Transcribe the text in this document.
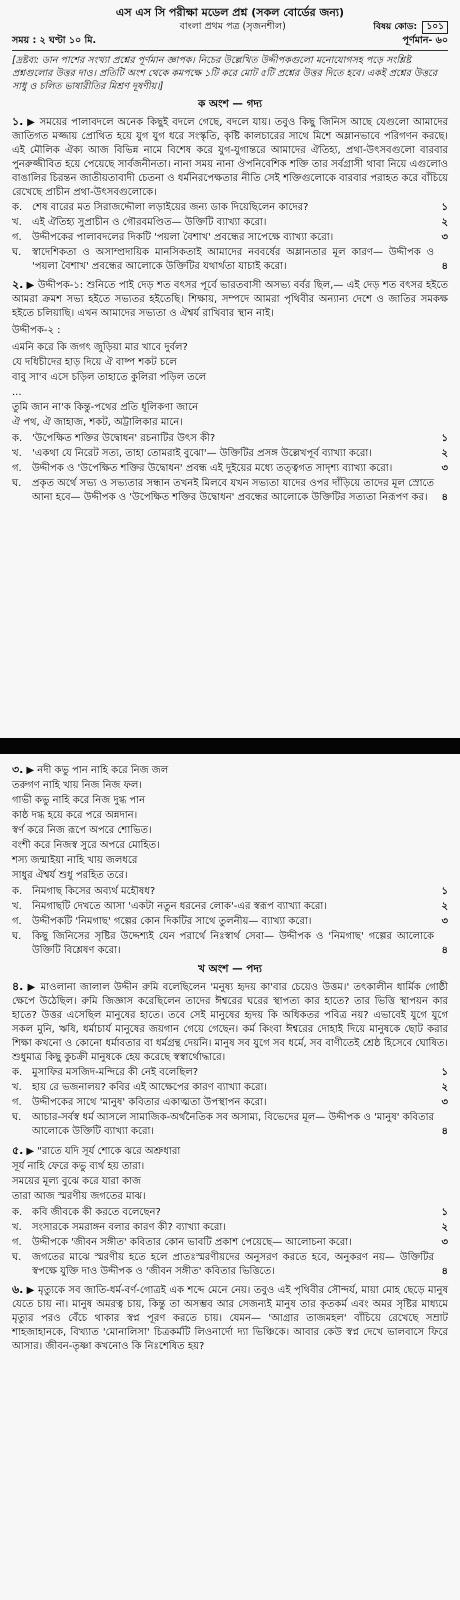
এস এস সি পরীক্ষা মডেল প্রশ্ন (সকল বোর্ডের জন্য)
বাংলা প্রথম পত্র (সৃজনশীল)	বিষয় কোড: ১০১
সময় : ২ ঘণ্টা ১০ মি.	পূর্ণমান- ৬০
[দ্রষ্টব্য: ডান পাশের সংখ্যা প্রশ্নের পূর্ণমান জ্ঞাপক। নিচের উল্লেখিত উদ্দীপকগুলো মনোযোগসহ পড়ে সংশ্লিষ্ট প্রশ্নগুলোর উত্তর দাও। প্রতিটি অংশ থেকে কমপক্ষে ১টি করে মোট ৫টি প্রশ্নের উত্তর দিতে হবে। একই প্রশ্নের উত্তরে সাধু ও চলিত ভাষারীতির মিশ্রণ দূষণীয়।]
ক অংশ — গদ্য

১. ▶ সময়ের পালাবদলে অনেক কিছুই বদলে গেছে, বদলে যায়। তবুও কিছু জিনিস আছে যেগুলো আমাদের জাতিগত মজ্জায় প্রোথিত হয়ে যুগ যুগ ধরে সংস্কৃতি, কৃষ্টি কালচারের সাথে মিশে অম্লানভাবে পরিগণন করছে। এই মৌলিক ঐক্য আজ বিভিন্ন নামে বিশেষ করে যুগ-যুগান্তরে আমাদের ঐতিহ্য, প্রথা-উৎসবগুলো বারবার পুনরুজ্জীবিত হয়ে পেয়েছে সার্বজনীনতা। নানা সময় নানা ঔপনিবেশিক শক্তি তার সর্বগ্রাসী থাবা নিয়ে এগুলোও বাঙালির চিরন্তন জাতীয়তাবাদী চেতনা ও ধর্মনিরপেক্ষতার নীতি সেই শক্তিগুলোকে বারবার পরাহত করে বাঁচিয়ে রেখেছে প্রাচীন প্রথা-উৎসবগুলোকে।

ক. শেষ বারের মত সিরাজদ্দৌলা লড়াইয়ের জন্য ডাক দিয়েছিলেন কাদের?	১
খ.	এই ঐতিহ্য সুপ্রাচীন ও গৌরবমণ্ডিত— উক্তিটি ব্যাখ্যা করো।	২
গ.	উদ্দীপকের পালাবদলের দিকটি 'পয়লা বৈশাখ' প্রবন্ধের সাপেক্ষে ব্যাখ্যা করো।	৩
ঘ.	স্বাদেশিকতা ও অসাম্প্রদায়িক মানসিকতাই আমাদের নববর্ষের অম্লানতার মূল কারণ— উদ্দীপক ও 'পয়লা বৈশাখ' প্রবন্ধের আলোকে উক্তিটির যথার্থতা যাচাই করো।	৪

২. ▶ উদ্দীপক-১: শুনিতে পাই দেড় শত বৎসর পূর্বে ভারতবাসী অসভ্য বর্বর ছিল,— এই দেড় শত বৎসর হইতে আমরা ক্রমশ সভ্য হইতে সভ্যতর হইতেছি। শিক্ষায়, সম্পদে আমরা পৃথিবীর অন্যান্য দেশে ও জাতির সমকক্ষ হইতে চলিয়াছি। এখন আমাদের সভ্যতা ও ঐশ্বর্য রাখিবার স্থান নাই।

উদ্দীপক-২ :
এমনি করে কি জগৎ জুড়িয়া মার খাবে দুর্বল?
যে দধিচীদের হাড় দিয়ে ঐ বাষ্প শকট চলে
বাবু সা'ব এসে চড়িল তাহাতে কুলিরা পড়িল তলে
...
তুমি জান না'ক কিন্তু-পথের প্রতি ধূলিকণা জানে
ঐ পথ, ঐ জাহাজ, শকট, অট্টালিকার মানে।
ক. 'উপেক্ষিত শক্তির উদ্বোধন' রচনাটির উৎস কী?	১
খ.	'একথা যে নিরেট সত্য, তাহা তোমরাই বুঝো'— উক্তিটির প্রসঙ্গ উল্লেখপূর্ব ব্যাখ্যা করো।	২
গ.	উদ্দীপক ও 'উপেক্ষিত শক্তির উদ্বোধন' প্রবন্ধ এই দুইয়ের মধ্যে তত্ত্বগত সাদৃশ্য ব্যাখ্যা করো।	৩
ঘ.	প্রকৃত অর্থে সভ্য ও সভ্যতার সন্ধান তখনই মিলবে যখন সভ্যতা যাদের ওপর দাঁড়িয়ে তাদের মূল স্রোতে আনা হবে— উদ্দীপক ও 'উপেক্ষিত শক্তির উদ্বোধন' প্রবন্ধের আলোকে উক্তিটির সত্যতা নিরূপণ কর।	৪
৩. ▶ নদী কভু পান নাহি করে নিজ জল
তরুগণ নাহি খায় নিজ নিজ ফল।
গাভী কভু নাহি করে নিজ দুগ্ধ পান
কাষ্ঠ দগ্ধ হয়ে করে পরে অন্নদান।
স্বর্ণ করে নিজ রূপে অপরে শোভিত।
বংশী করে নিজস্ব সুরে অপরে মোহিত।
শস্য জন্মাইয়া নাহি খায় জলধরে
সাধুর ঐশ্বর্য শুধু পরহিত তরে।
ক. নিমগাছ কিসের অব্যর্থ মহৌষধ?	১
খ.	নিমগাছটি দেখতে আসা 'একটা নতুন ধরনের লোক'-এর স্বরূপ ব্যাখ্যা করো।	২
গ.	উদ্দীপকটি 'নিমগাছ' গল্পের কোন দিকটির সাথে তুলনীয়— ব্যাখ্যা করো।	৩
ঘ.	কিছু জিনিসের সৃষ্টির উদ্দেশ্যই যেন পরার্থে নিঃস্বার্থ সেবা— উদ্দীপক ও 'নিমগাছ' গল্পের আলোকে উক্তিটি বিশ্লেষণ করো।	৪
খ অংশ — পদ্য

৪. ▶ মাওলানা জালাল উদ্দীন রুমি বলেছিলেন 'মনুষ্য হৃদয় কা'বার চেয়েও উত্তম।' তৎকালীন ধার্মিক গোষ্ঠী ক্ষেপে উঠেছিল। রুমি জিজ্ঞাস করেছিলেন তাদের ঈশ্বরের ঘরের স্থাপত্য কার হাতে? তার ভিত্তি স্থাপয়ন কার হাতে? উত্তর এসেছিল মানুষের হাতে। তবে সেই মানুষের হৃদয় কি অধিকতর পবিত্র নয়? এভাবেই যুগে যুগে সকল মুনি, ঋষি, ধর্মাচার্য মানুষের জয়গান গেয়ে গেছেন। কর্ম কিংবা ঈশ্বরের দোহাই দিয়ে মানুষকে ছোট করার শিক্ষা কখনো ও কোনো ধর্মাবতার বা ধর্মগ্রন্থ দেয়নি। মানুষ সব যুগে সব ধর্মে, সব বাণীতেই শ্রেষ্ঠ হিসেবে ঘোষিত। শুধুমাত্র কিছু কুচক্রী মানুষকে হেয় করেছে স্বস্বার্থোদ্ধারে।

ক. মুসাফির মসজিদ-মন্দিরে কী নেই বলেছিল?	১
খ.	হায় রে ভজনালয়? কবির এই আক্ষেপের কারণ ব্যাখ্যা করো।	২
গ.	উদ্দীপকের সাথে 'মানুষ' কবিতার একাত্মতা উপস্থাপন করো।	৩
ঘ.	আচার-সর্বস্ব ধর্ম আসলে সামাজিক-অর্থনৈতিক সব অসাম্য, বিভেদের মূল— উদ্দীপক ও 'মানুষ' কবিতার আলোকে উক্তিটি ব্যাখ্যা করো।	৪
৫. ▶ "রাতে যদি সূর্য শোকে ঝরে অশ্রুধারা
সূর্য নাহি ফেরে কভু ব্যর্থ হয় তারা।
সময়ের মূল্য বুঝে করে যারা কাজ
তারা আজ স্মরণীয় জগতের মাঝ।
ক. কবি জীবকে কী করতে বলেছেন?	১
খ.	সংসারকে সমরাঙ্গন বলার কারণ কী? ব্যাখ্যা করো।	২
গ.	উদ্দীপকে 'জীবন সঙ্গীত' কবিতার কোন ভাবটি প্রকাশ পেয়েছে— আলোচনা করো।	৩
ঘ.	জগতের মাঝে স্মরণীয় হতে হলে প্রাতঃস্মরণীয়দের অনুসরণ করতে হবে, অনুকরণ নয়— উক্তিটির স্বপক্ষে যুক্তি দাও উদ্দীপক ও 'জীবন সঙ্গীত' কবিতার ভিত্তিতে।	৪

৬. ▶ মৃত্যুকে সব জাতি-ধর্ম-বর্ণ-গোত্রই এক শব্দে মেনে নেয়। তবুও এই পৃথিবীর সৌন্দর্য, মায়া মোহ ছেড়ে মানুষ যেতে চায় না। মানুষ অমরত্ব চায়, কিন্তু তা অসম্ভব আর সেজন্যই মানুষ তার কৃতকর্ম এবং অমর সৃষ্টির মাধ্যমে মৃত্যুর পরও বেঁচে থাকার স্বপ্ন পূরণ করতে চায়। যেমন— 'আগ্রার তাজমহল' বাঁচিয়ে রেখেছে সম্রাট শাহজাহানকে, বিখ্যাত 'মোনালিসা' চিত্রকর্মটি লিওনার্দো দ্যা ভিঞ্চিকে। আবার কেউ স্বপ্ন দেখে ভালবাসে ফিরে আসার। জীবন-তৃষ্ণা কখনোও কি নিঃশেষিত হয়?
